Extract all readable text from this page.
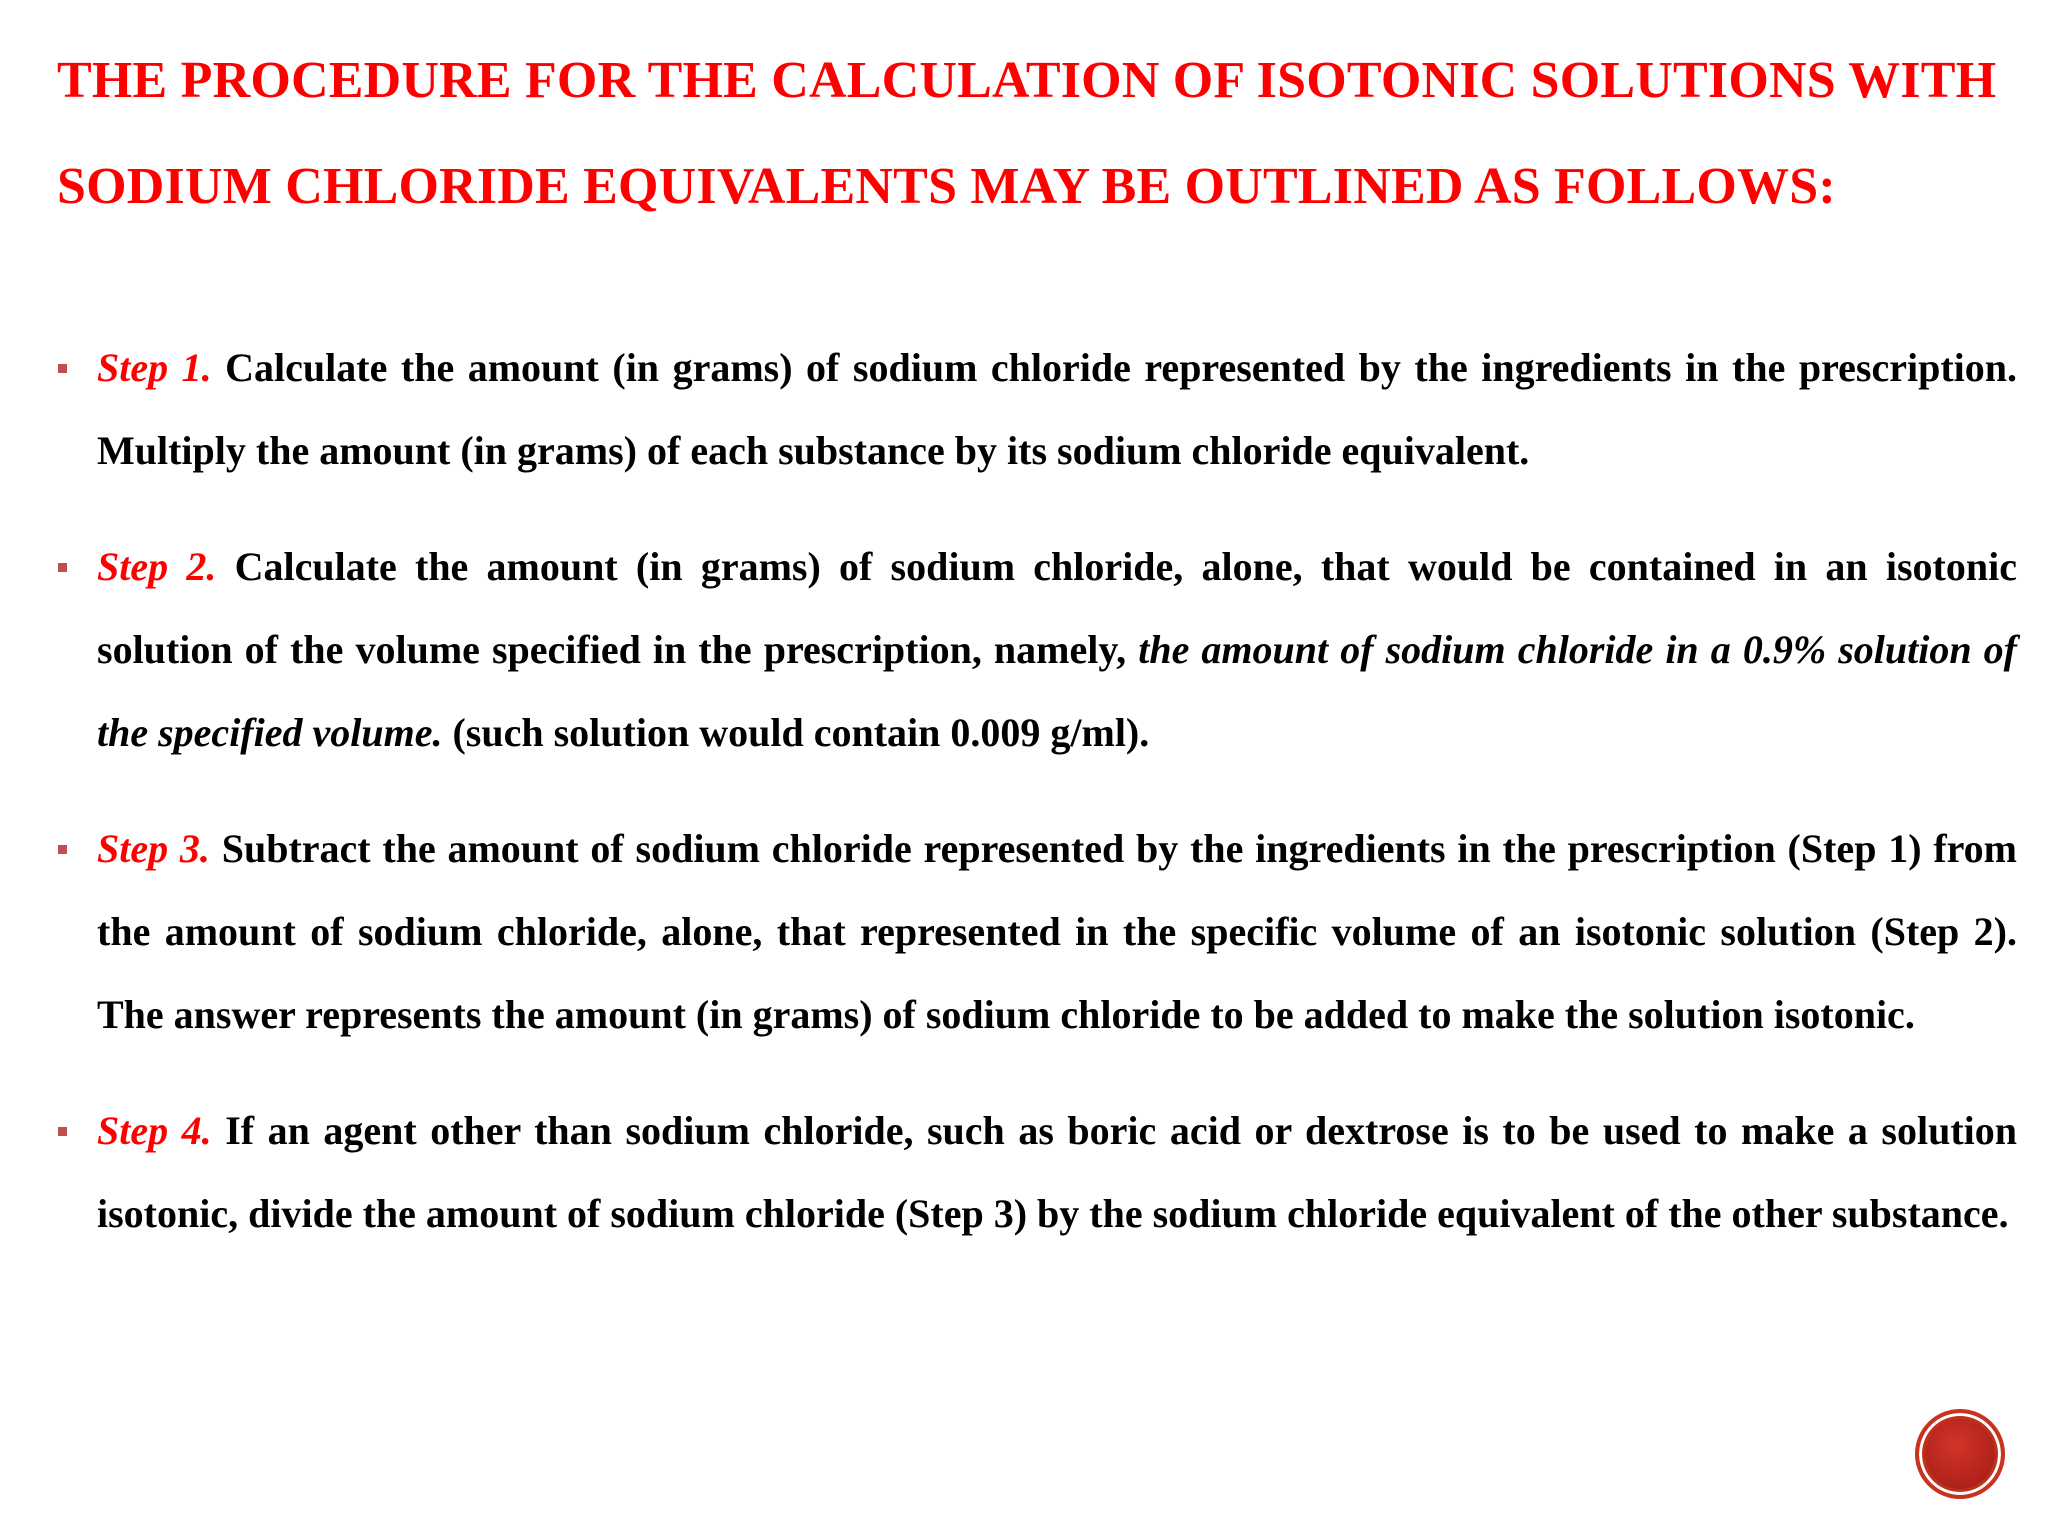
THE PROCEDURE FOR THE CALCULATION OF ISOTONIC SOLUTIONS WITH SODIUM CHLORIDE EQUIVALENTS MAY BE OUTLINED AS FOLLOWS:
Step 1. Calculate the amount (in grams) of sodium chloride represented by the ingredients in the prescription. Multiply the amount (in grams) of each substance by its sodium chloride equivalent.
Step 2. Calculate the amount (in grams) of sodium chloride, alone, that would be contained in an isotonic solution of the volume specified in the prescription, namely, the amount of sodium chloride in a 0.9% solution of the specified volume. (such solution would contain 0.009 g/ml).
Step 3. Subtract the amount of sodium chloride represented by the ingredients in the prescription (Step 1) from the amount of sodium chloride, alone, that represented in the specific volume of an isotonic solution (Step 2). The answer represents the amount (in grams) of sodium chloride to be added to make the solution isotonic.
Step 4. If an agent other than sodium chloride, such as boric acid or dextrose is to be used to make a solution isotonic, divide the amount of sodium chloride (Step 3) by the sodium chloride equivalent of the other substance.
